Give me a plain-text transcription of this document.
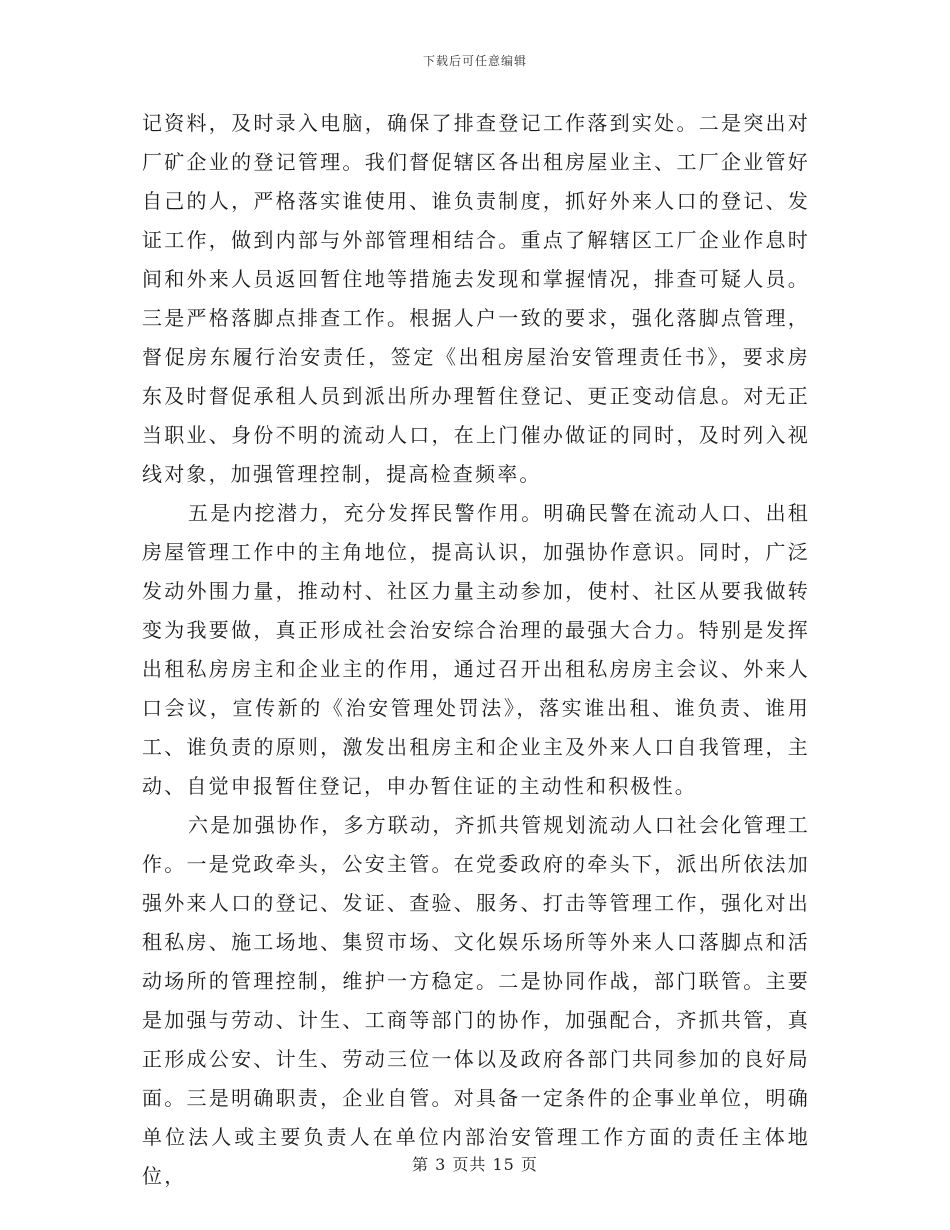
下载后可任意编辑

记资料，及时录入电脑，确保了排查登记工作落到实处。二是突出对厂矿企业的登记管理。我们督促辖区各出租房屋业主、工厂企业管好自己的人，严格落实谁使用、谁负责制度，抓好外来人口的登记、发证工作，做到内部与外部管理相结合。重点了解辖区工厂企业作息时间和外来人员返回暂住地等措施去发现和掌握情况，排查可疑人员。三是严格落脚点排查工作。根据人户一致的要求，强化落脚点管理，督促房东履行治安责任，签定《出租房屋治安管理责任书》，要求房东及时督促承租人员到派出所办理暂住登记、更正变动信息。对无正当职业、身份不明的流动人口，在上门催办做证的同时，及时列入视线对象，加强管理控制，提高检查频率。

五是内挖潜力，充分发挥民警作用。明确民警在流动人口、出租房屋管理工作中的主角地位，提高认识，加强协作意识。同时，广泛发动外围力量，推动村、社区力量主动参加，使村、社区从要我做转变为我要做，真正形成社会治安综合治理的最强大合力。特别是发挥出租私房房主和企业主的作用，通过召开出租私房房主会议、外来人口会议，宣传新的《治安管理处罚法》，落实谁出租、谁负责、谁用工、谁负责的原则，激发出租房主和企业主及外来人口自我管理，主动、自觉申报暂住登记，申办暂住证的主动性和积极性。

六是加强协作，多方联动，齐抓共管规划流动人口社会化管理工作。一是党政牵头，公安主管。在党委政府的牵头下，派出所依法加强外来人口的登记、发证、查验、服务、打击等管理工作，强化对出租私房、施工场地、集贸市场、文化娱乐场所等外来人口落脚点和活动场所的管理控制，维护一方稳定。二是协同作战，部门联管。主要是加强与劳动、计生、工商等部门的协作，加强配合，齐抓共管，真正形成公安、计生、劳动三位一体以及政府各部门共同参加的良好局面。三是明确职责，企业自管。对具备一定条件的企事业单位，明确单位法人或主要负责人在单位内部治安管理工作方面的责任主体地位，	第 3 页共 15 页
